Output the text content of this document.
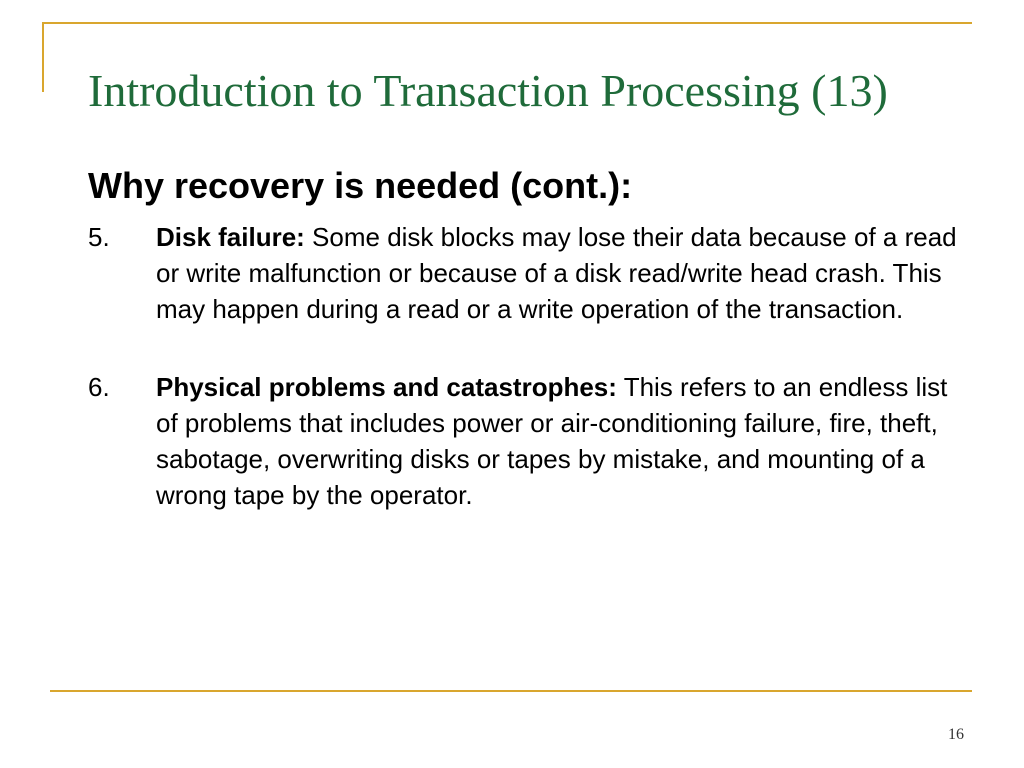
Introduction to Transaction Processing (13)
Why recovery is needed (cont.):
5. Disk failure: Some disk blocks may lose their data because of a read or write malfunction or because of a disk read/write head crash. This may happen during a read or a write operation of the transaction.
6. Physical problems and catastrophes: This refers to an endless list of problems that includes power or air-conditioning failure, fire, theft, sabotage, overwriting disks or tapes by mistake, and mounting of a wrong tape by the operator.
16
